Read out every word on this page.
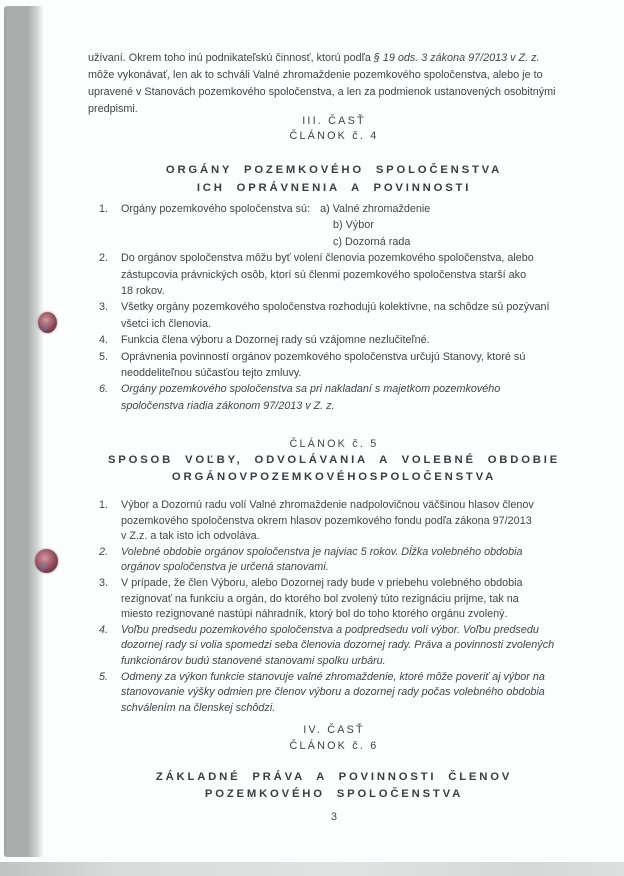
užívaní. Okrem toho inú podnikateľskú činnosť, ktorú podľa § 19 ods. 3 zákona 97/2013 v Z. z.
môže vykonávať, len ak to schváli Valné zhromaždenie pozemkového spoločenstva, alebo je to
upravené v Stanovách pozemkového spoločenstva, a len za podmienok ustanovených osobitnými
predpismi.
III. ČASŤ
ČLÁNOK č. 4
ORGÁNY POZEMKOVÉHO SPOLOČENSTVA
ICH OPRÁVNENIA A POVINNOSTI
1.	Orgány pozemkového spoločenstva sú: a) Valné zhromaždenie
b) Výbor
c) Dozorná rada
2.	Do orgánov spoločenstva môžu byť volení členovia pozemkového spoločenstva, alebo
zástupcovia právnických osôb, ktorí sú členmi pozemkového spoločenstva starší ako
18 rokov.
3.	Všetky orgány pozemkového spoločenstva rozhodujú kolektívne, na schôdze sú pozývaní
všetci ich členovia.
4.	Funkcia člena výboru a Dozornej rady sú vzájomne nezlučiteľné.
5.	Oprávnenia povinností orgánov pozemkového spoločenstva určujú Stanovy, ktoré sú
neoddeliteľnou súčasťou tejto zmluvy.
6.	Orgány pozemkového spoločenstva sa pri nakladaní s majetkom pozemkového
spoločenstva riadia zákonom 97/2013 v Z. z.
ČLÁNOK č. 5
SPOSOB VOĽBY, ODVOLÁVANIA A VOLEBNÉ OBDOBIE
ORGÁNOVPOZEMKOVÉHOSPOLOČENSTVA
1.	Výbor a Dozornú radu volí Valné zhromaždenie nadpolovičnou väčšinou hlasov členov
pozemkového spoločenstva okrem hlasov pozemkového fondu podľa zákona 97/2013
v Z.z. a tak isto ich odvoláva.
2.	Volebné obdobie orgánov spoločenstva je najviac 5 rokov. Dĺžka volebného obdobia
orgánov spoločenstva je určená stanovami.
3.	V prípade, že člen Výboru, alebo Dozornej rady bude v priebehu volebného obdobia
rezignovať na funkciu a orgán, do ktorého bol zvolený túto rezignáciu prijme, tak na
miesto rezignované nastúpi náhradník, ktorý bol do toho ktorého orgánu zvolený.
4.	Voľbu predsedu pozemkového spoločenstva a podpredsedu volí výbor. Voľbu predsedu
dozornej rady si volia spomedzi seba členovia dozornej rady. Práva a povinnosti zvolených
funkcionárov budú stanovené stanovami spolku urbáru.
5.	Odmeny za výkon funkcie stanovuje valné zhromaždenie, ktoré môže poveriť aj výbor na
stanovovanie výšky odmien pre členov výboru a dozornej rady počas volebného obdobia
schválením na členskej schôdzi.
IV. ČASŤ
ČLÁNOK č. 6
ZÁKLADNÉ PRÁVA A POVINNOSTI ČLENOV
POZEMKOVÉHO SPOLOČENSTVA
3
